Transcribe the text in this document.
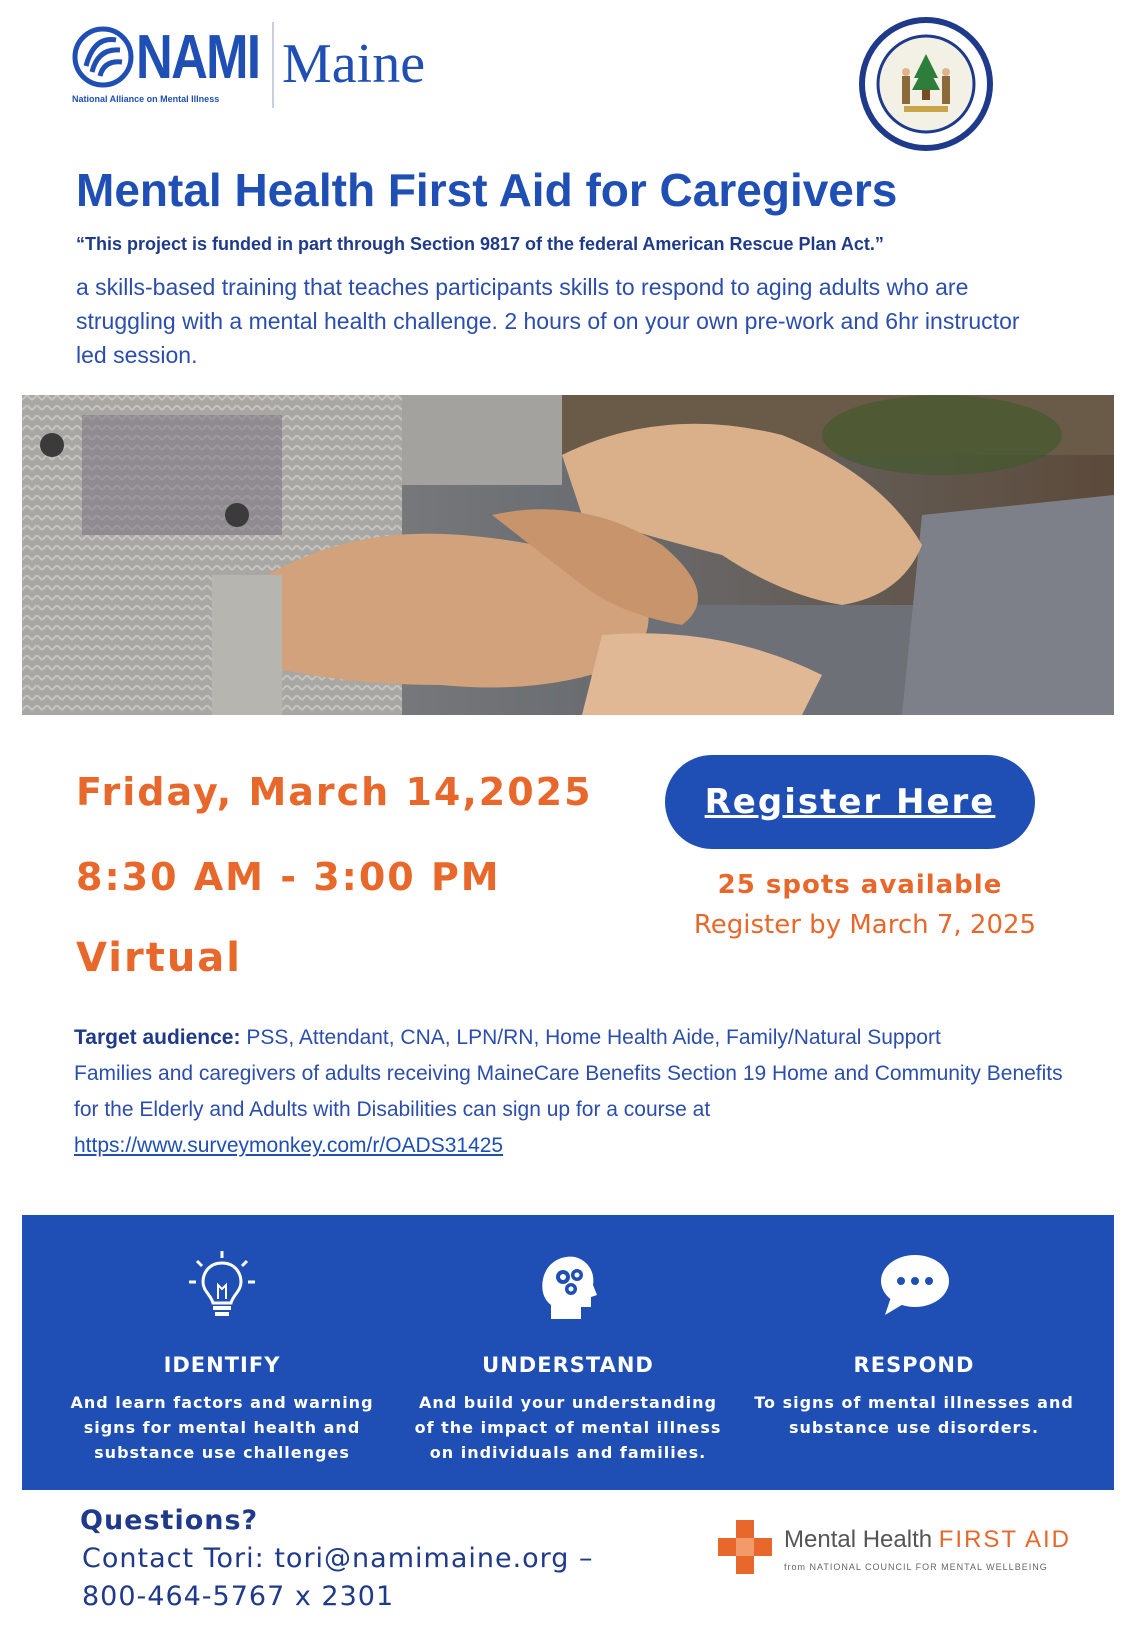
NAMI Maine
National Alliance on Mental Illness
Mental Health First Aid for Caregivers
“This project is funded in part through Section 9817 of the federal American Rescue Plan Act.”
a skills-based training that teaches participants skills to respond to aging adults who are struggling with a mental health challenge. 2 hours of on your own pre-work and 6hr instructor led session.
Friday, March 14,2025
8:30 AM - 3:00 PM
Virtual
Register Here
25 spots available
Register by March 7, 2025
Target audience: PSS, Attendant, CNA, LPN/RN, Home Health Aide, Family/Natural Support
Families and caregivers of adults receiving MaineCare Benefits Section 19 Home and Community Benefits for the Elderly and Adults with Disabilities can sign up for a course at
https://www.surveymonkey.com/r/OADS31425
IDENTIFY
And learn factors and warning signs for mental health and substance use challenges
UNDERSTAND
And build your understanding of the impact of mental illness on individuals and families.
RESPOND
To signs of mental illnesses and substance use disorders.
Questions?
Contact Tori: tori@namimaine.org –
800-464-5767 x 2301
Mental Health FIRST AID
from NATIONAL COUNCIL FOR MENTAL WELLBEING
